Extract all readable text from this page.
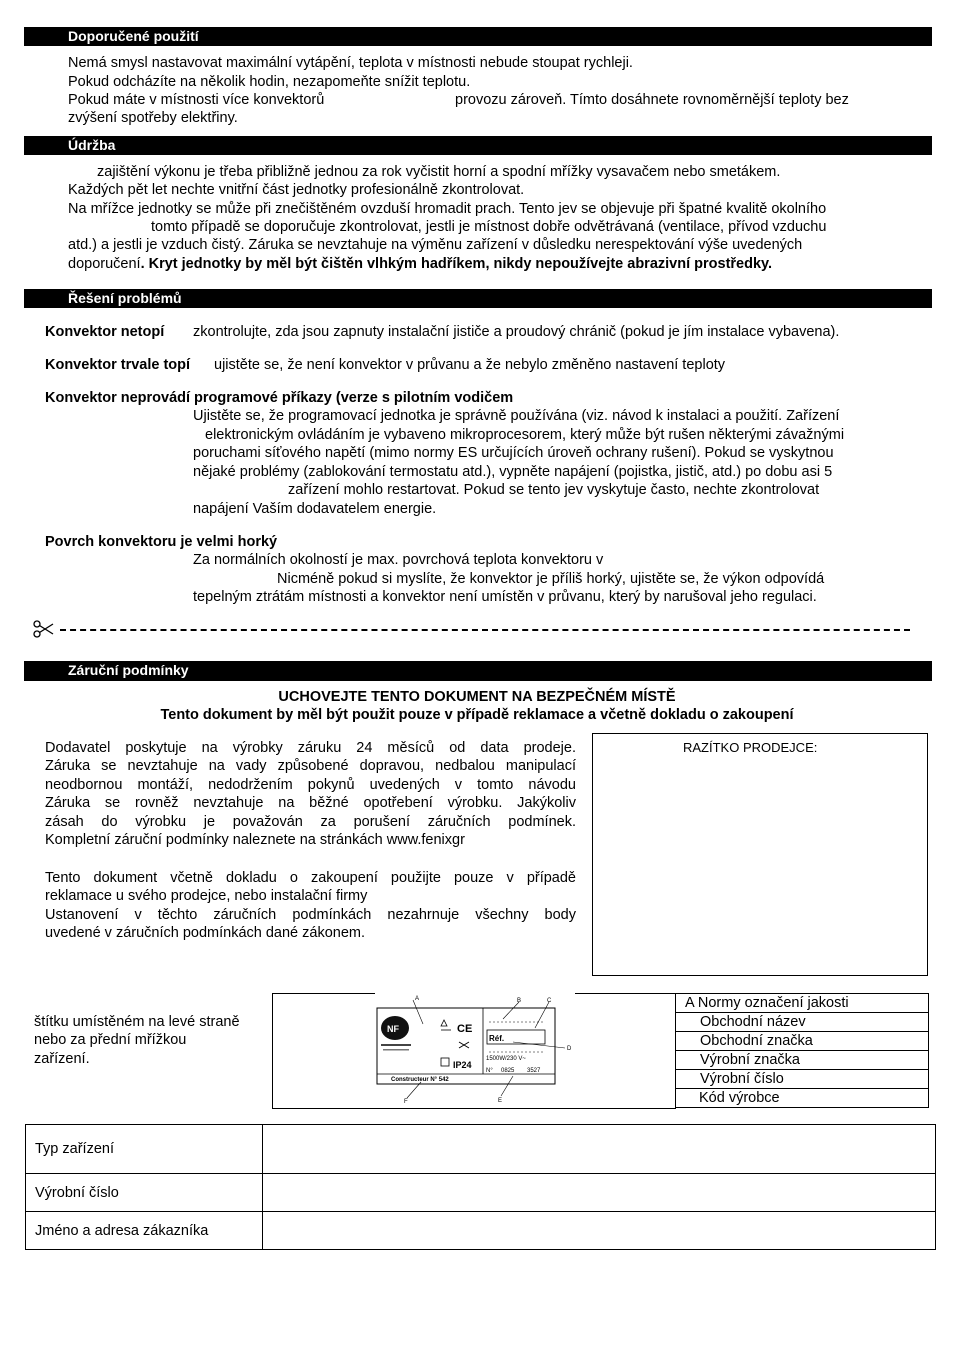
Doporučené použití
Nemá smysl nastavovat maximální vytápění, teplota v místnosti nebude stoupat rychleji.
Pokud odcházíte na několik hodin, nezapomeňte snížit teplotu.
Pokud máte v místnosti více konvektorů	provozu zároveň. Tímto dosáhnete rovnoměrnější teploty bez
zvýšení spotřeby elektřiny.
Údržba
zajištění výkonu je třeba přibližně jednou za rok vyčistit horní a spodní mřížky vysavačem nebo smetákem.
Každých pět let nechte vnitřní část jednotky profesionálně zkontrolovat.
Na mřížce jednotky se může při znečištěném ovzduší hromadit prach. Tento jev se objevuje při špatné kvalitě okolního
tomto případě se doporučuje zkontrolovat, jestli je místnost dobře odvětrávaná (ventilace, přívod vzduchu
atd.) a jestli je vzduch čistý. Záruka se nevztahuje na výměnu zařízení v důsledku nerespektování výše uvedených
doporučení. Kryt jednotky by měl být čištěn vlhkým hadříkem, nikdy nepoužívejte abrazivní prostředky.
Řešení problémů
Konvektor netopí zkontrolujte, zda jsou zapnuty instalační jističe a proudový chránič (pokud je jím instalace vybavena).
Konvektor trvale topí ujistěte se, že není konvektor v průvanu a že nebylo změněno nastavení teploty
Konvektor neprovádí programové příkazy (verze s pilotním vodičem
Ujistěte se, že programovací jednotka je správně používána (viz. návod k instalaci a použití. Zařízení
elektronickým ovládáním je vybaveno mikroprocesorem, který může být rušen některými závažnými
poruchami síťového napětí (mimo normy ES určujících úroveň ochrany rušení). Pokud se vyskytnou
nějaké problémy (zablokování termostatu atd.), vypněte napájení (pojistka, jistič, atd.) po dobu asi 5
zařízení mohlo restartovat. Pokud se tento jev vyskytuje často, nechte zkontrolovat
napájení Vaším dodavatelem energie.
Povrch konvektoru je velmi horký
Za normálních okolností je max. povrchová teplota konvektoru v
Nicméně pokud si myslíte, že konvektor je příliš horký, ujistěte se, že výkon odpovídá
tepelným ztrátám místnosti a konvektor není umístěn v průvanu, který by narušoval jeho regulaci.
Záruční podmínky
UCHOVEJTE TENTO DOKUMENT NA BEZPEČNÉM MÍSTĚ
Tento dokument by měl být použit pouze v případě reklamace a včetně dokladu o zakoupení
Dodavatel poskytuje na výrobky záruku 24 měsíců od data prodeje.
Záruka se nevztahuje na vady způsobené dopravou, nedbalou manipulací
neodbornou montáží, nedodržením pokynů uvedených v tomto návodu
Záruka se rovněž nevztahuje na běžné opotřebení výrobku. Jakýkoliv
zásah do výrobku je považován za porušení záručních podmínek.
Kompletní záruční podmínky naleznete na stránkách www.fenixgr
Tento dokument včetně dokladu o zakoupení použijte pouze v případě
reklamace u svého prodejce, nebo instalační firmy
Ustanovení v těchto záručních podmínkách nezahrnuje všechny body
uvedené v záručních podmínkách dané zákonem.
RAZÍTKO PRODEJCE:
štítku umístěném na levé straně
nebo za přední mřížkou
zařízení.
A	B	C
D
E
F
NF	CE
IP24
Réf.
1500W/230 V~
N° 0825 3527
Constructeur N° 542
A Normy označení jakosti
Obchodní název
Obchodní značka
Výrobní značka
Výrobní číslo
Kód výrobce
Typ zařízení	
Výrobní číslo	
Jméno a adresa zákazníka	
